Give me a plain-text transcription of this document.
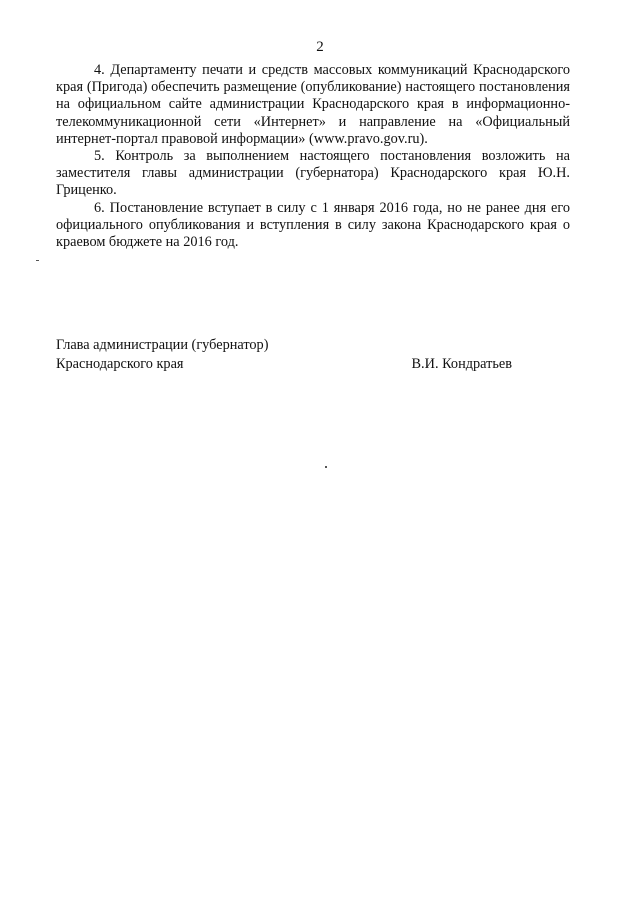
2

4. Департаменту печати и средств массовых коммуникаций Краснодарского края (Пригода) обеспечить размещение (опубликование) настоящего постановления на официальном сайте администрации Краснодарского края в информационно-телекоммуникационной сети «Интернет» и направление на «Официальный интернет-портал правовой информации» (www.pravo.gov.ru).

5. Контроль за выполнением настоящего постановления возложить на заместителя главы администрации (губернатора) Краснодарского края Ю.Н. Гриценко.

6. Постановление вступает в силу с 1 января 2016 года, но не ранее дня его официального опубликования и вступления в силу закона Краснодарского края о краевом бюджете на 2016 год.

Глава администрации (губернатор)
Краснодарского края	В.И. Кондратьев
